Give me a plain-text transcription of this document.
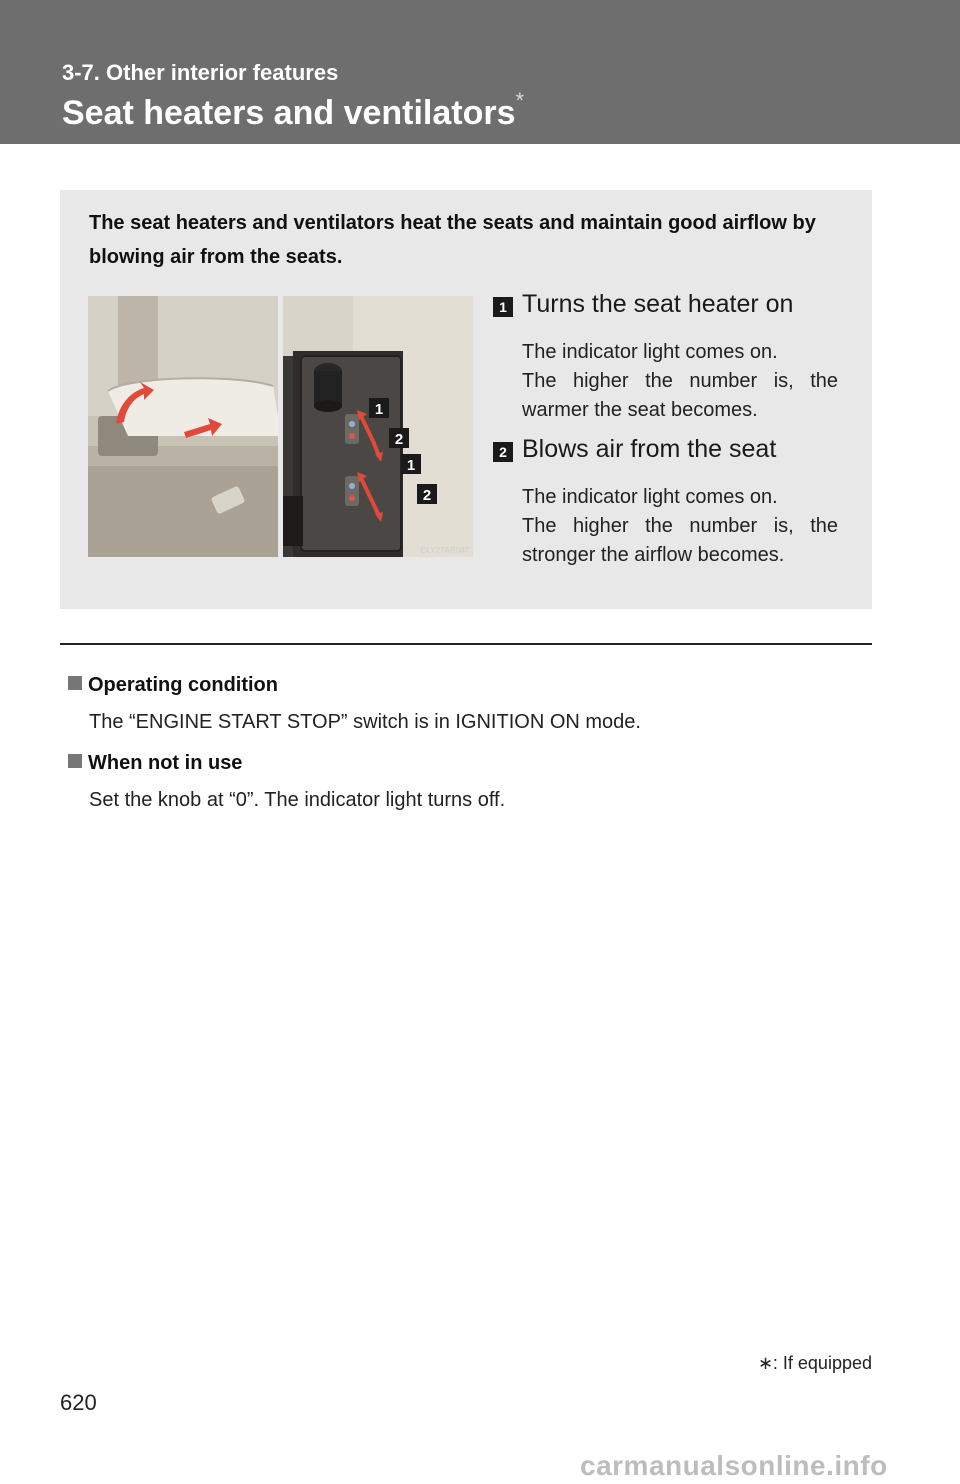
3-7. Other interior features
Seat heaters and ventilators*
The seat heaters and ventilators heat the seats and maintain good airflow by blowing air from the seats.
1
2
1
2
CLY27AR047
1 Turns the seat heater on
The indicator light comes on.
The higher the number is, the warmer the seat becomes.
2 Blows air from the seat
The indicator light comes on.
The higher the number is, the stronger the airflow becomes.
Operating condition
The “ENGINE START STOP” switch is in IGNITION ON mode.
When not in use
Set the knob at “0”. The indicator light turns off.
∗: If equipped
620
carmanualsonline.info
